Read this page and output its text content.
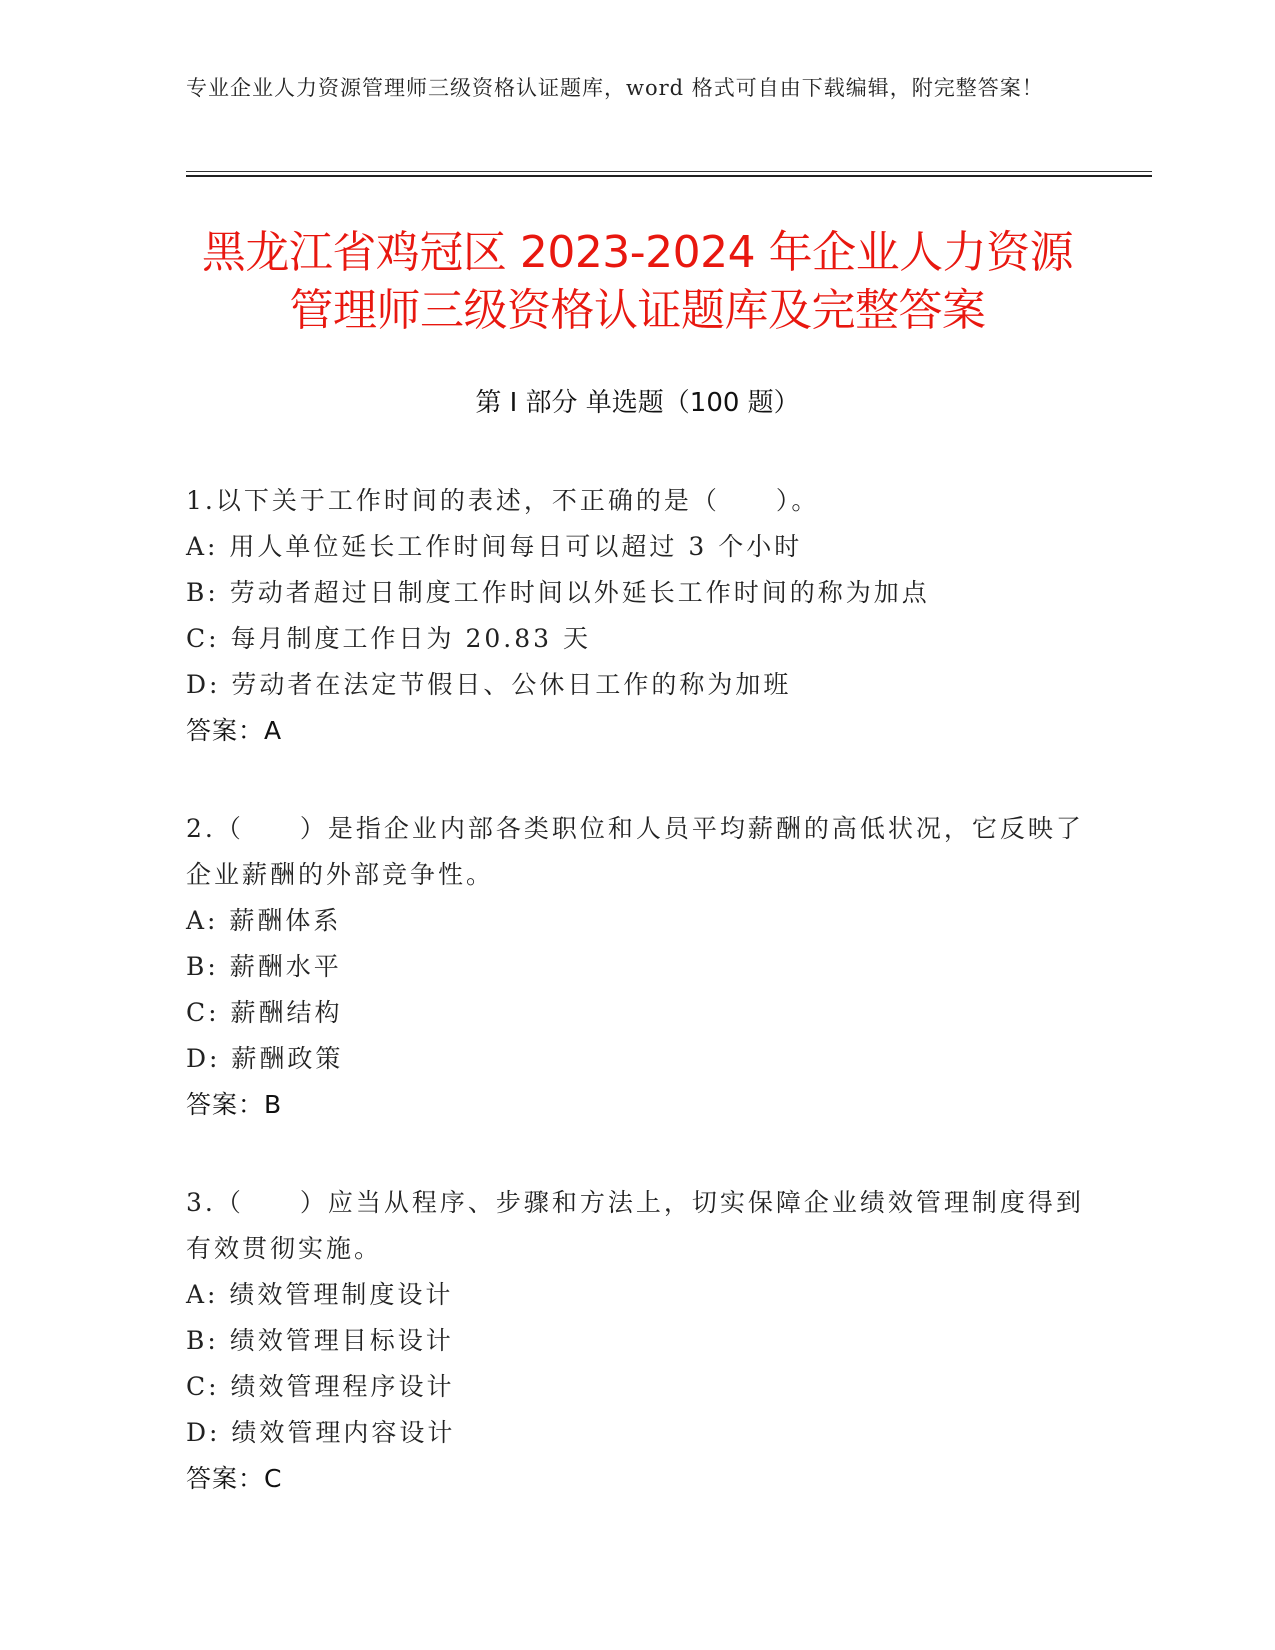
专业企业人力资源管理师三级资格认证题库，word 格式可自由下载编辑，附完整答案！
黑龙江省鸡冠区 2023-2024 年企业人力资源
管理师三级资格认证题库及完整答案
第 I 部分 单选题（100 题）
1.以下关于工作时间的表述，不正确的是（　　）。
A: 用人单位延长工作时间每日可以超过 3 个小时
B: 劳动者超过日制度工作时间以外延长工作时间的称为加点
C: 每月制度工作日为 20.83 天
D: 劳动者在法定节假日、公休日工作的称为加班
答案：A
2.（　　）是指企业内部各类职位和人员平均薪酬的高低状况，它反映了企业薪酬的外部竞争性。
A: 薪酬体系
B: 薪酬水平
C: 薪酬结构
D: 薪酬政策
答案：B
3.（　　）应当从程序、步骤和方法上，切实保障企业绩效管理制度得到有效贯彻实施。
A: 绩效管理制度设计
B: 绩效管理目标设计
C: 绩效管理程序设计
D: 绩效管理内容设计
答案：C
